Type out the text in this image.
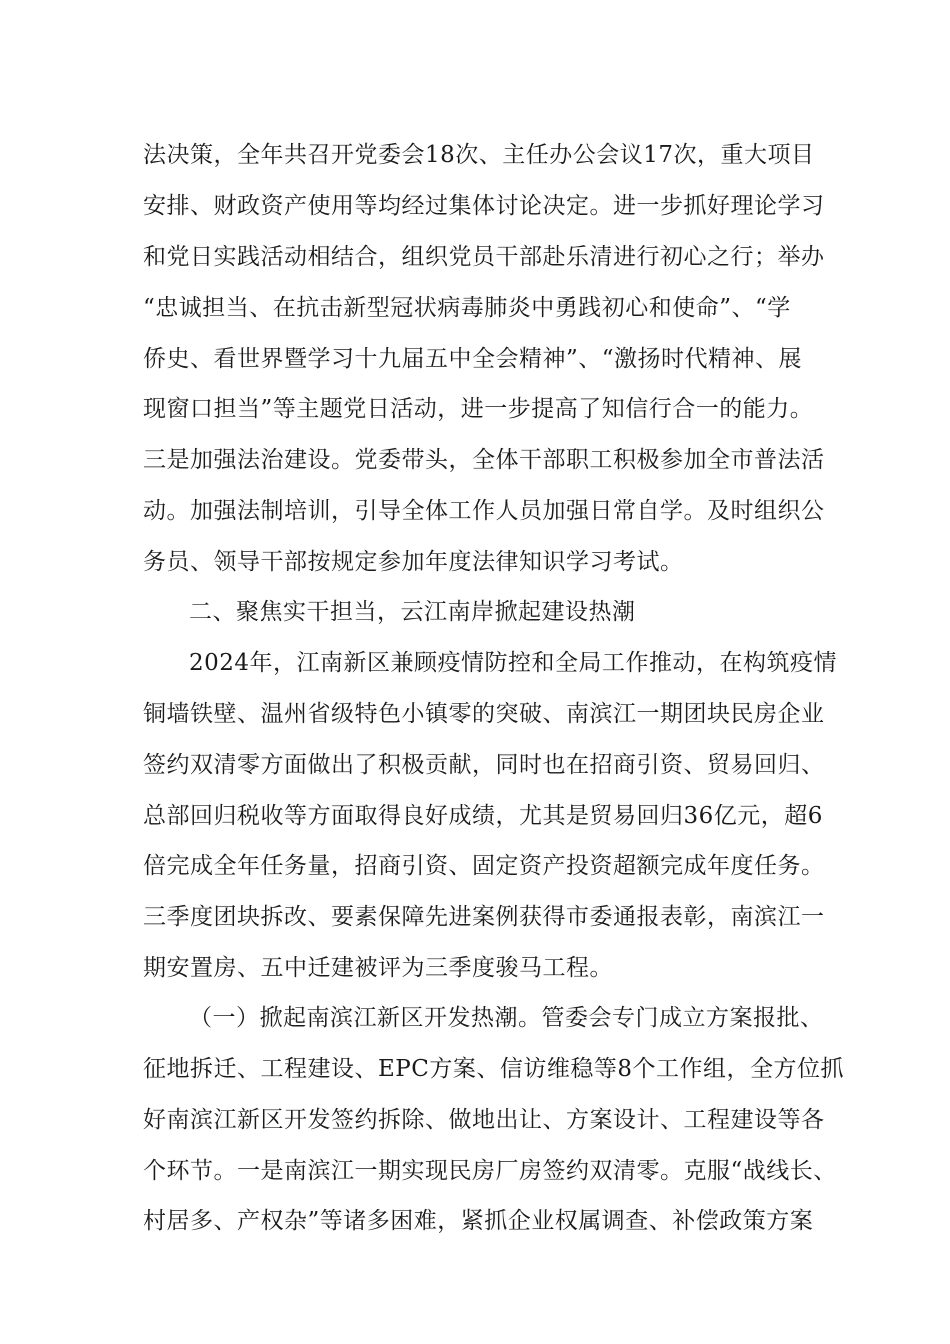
法决策，全年共召开党委会18次、主任办公会议17次，重大项目
安排、财政资产使用等均经过集体讨论决定。进一步抓好理论学习
和党日实践活动相结合，组织党员干部赴乐清进行初心之行；举办
“忠诚担当、在抗击新型冠状病毒肺炎中勇践初心和使命”、“学
侨史、看世界暨学习十九届五中全会精神”、“激扬时代精神、展
现窗口担当”等主题党日活动，进一步提高了知信行合一的能力。
三是加强法治建设。党委带头，全体干部职工积极参加全市普法活
动。加强法制培训，引导全体工作人员加强日常自学。及时组织公
务员、领导干部按规定参加年度法律知识学习考试。
二、聚焦实干担当，云江南岸掀起建设热潮
2024年，江南新区兼顾疫情防控和全局工作推动，在构筑疫情
铜墙铁壁、温州省级特色小镇零的突破、南滨江一期团块民房企业
签约双清零方面做出了积极贡献，同时也在招商引资、贸易回归、
总部回归税收等方面取得良好成绩，尤其是贸易回归36亿元，超6
倍完成全年任务量，招商引资、固定资产投资超额完成年度任务。
三季度团块拆改、要素保障先进案例获得市委通报表彰，南滨江一
期安置房、五中迁建被评为三季度骏马工程。
（一）掀起南滨江新区开发热潮。管委会专门成立方案报批、
征地拆迁、工程建设、EPC方案、信访维稳等8个工作组，全方位抓
好南滨江新区开发签约拆除、做地出让、方案设计、工程建设等各
个环节。一是南滨江一期实现民房厂房签约双清零。克服“战线长、
村居多、产权杂”等诸多困难，紧抓企业权属调查、补偿政策方案
